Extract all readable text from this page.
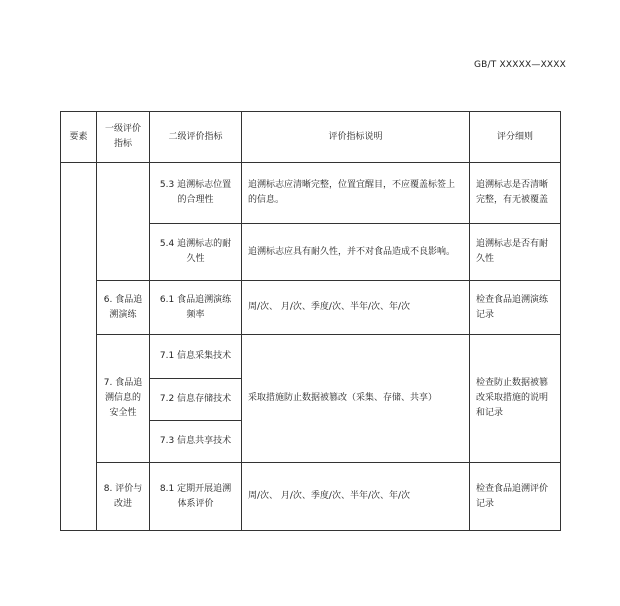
GB/T XXXXX—XXXX
要素	一级评价指标	二级评价指标	评价指标说明	评分细则
		5.3 追溯标志位置的合理性	追溯标志应清晰完整，位置宜醒目，不应覆盖标签上的信息。	追溯标志是否清晰完整，有无被覆盖
		5.4 追溯标志的耐久性	追溯标志应具有耐久性，并不对食品造成不良影响。	追溯标志是否有耐久性
	6. 食品追溯演练	6.1 食品追溯演练频率	周/次、 月/次、季度/次、半年/次、年/次	检查食品追溯演练记录
	7. 食品追溯信息的安全性	7.1 信息采集技术	采取措施防止数据被篡改（采集、存储、共享）	检查防止数据被篡改采取措施的说明和记录
		7.2 信息存储技术		
		7.3 信息共享技术		
	8. 评价与改进	8.1 定期开展追溯体系评价	周/次、 月/次、季度/次、半年/次、年/次	检查食品追溯评价记录
